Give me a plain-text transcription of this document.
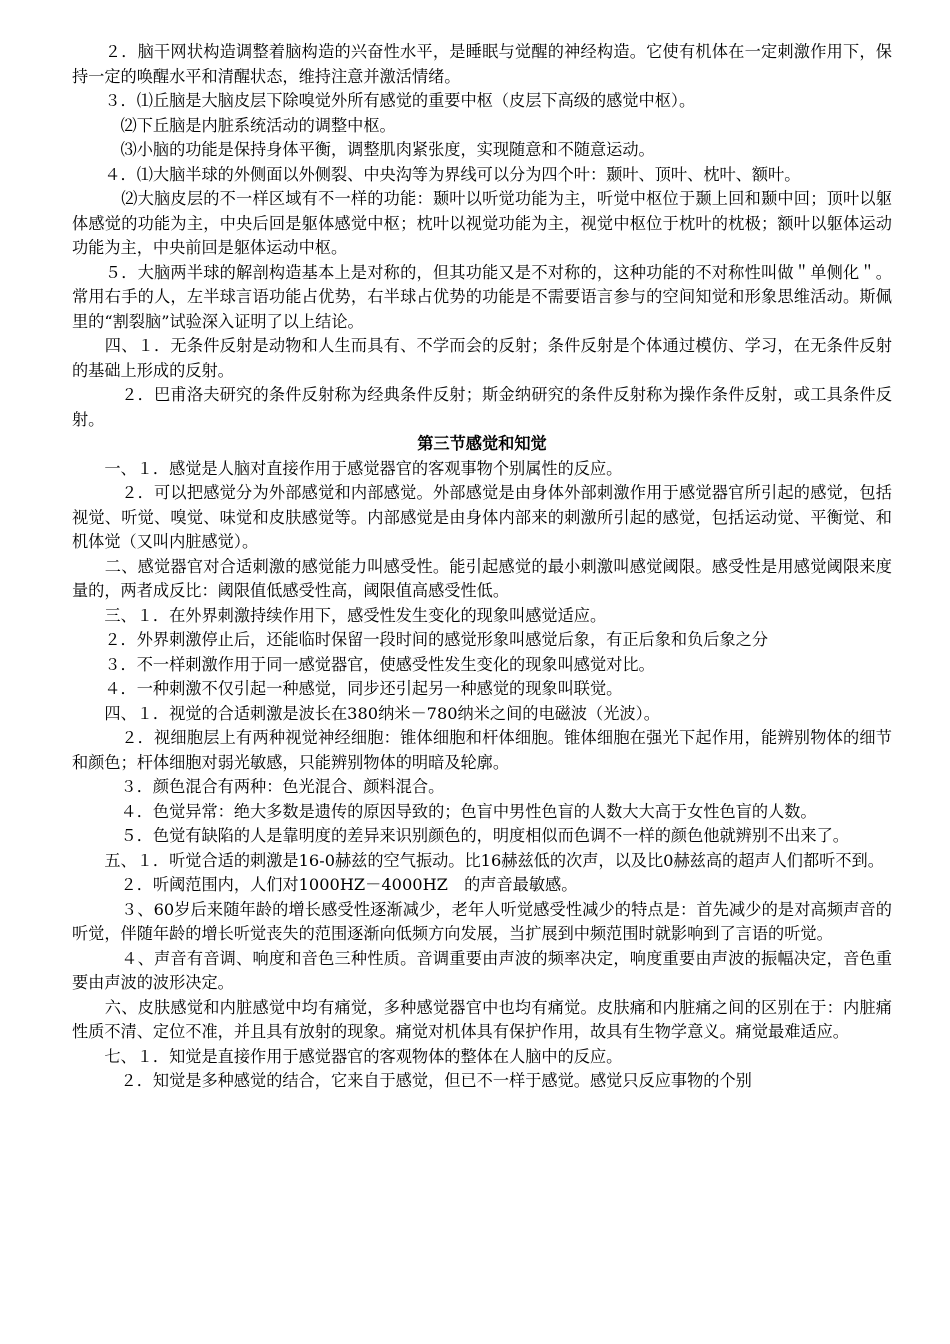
　　２．脑干网状构造调整着脑构造的兴奋性水平，是睡眠与觉醒的神经构造。它使有机体在一定刺激作用下，保持一定的唤醒水平和清醒状态，维持注意并激活情绪。

　　３．⑴丘脑是大脑皮层下除嗅觉外所有感觉的重要中枢（皮层下高级的感觉中枢）。

　　　⑵下丘脑是内脏系统活动的调整中枢。

　　　⑶小脑的功能是保持身体平衡，调整肌肉紧张度，实现随意和不随意运动。

　　４．⑴大脑半球的外侧面以外侧裂、中央沟等为界线可以分为四个叶：颞叶、顶叶、枕叶、额叶。

　　　⑵大脑皮层的不一样区域有不一样的功能：颞叶以听觉功能为主，听觉中枢位于颞上回和颞中回；顶叶以躯体感觉的功能为主，中央后回是躯体感觉中枢；枕叶以视觉功能为主，视觉中枢位于枕叶的枕极；额叶以躯体运动功能为主，中央前回是躯体运动中枢。

　　５．大脑两半球的解剖构造基本上是对称的，但其功能又是不对称的，这种功能的不对称性叫做＂单侧化＂。常用右手的人，左半球言语功能占优势，右半球占优势的功能是不需要语言参与的空间知觉和形象思维活动。斯佩里的“割裂脑”试验深入证明了以上结论。

　　四、１．无条件反射是动物和人生而具有、不学而会的反射；条件反射是个体通过模仿、学习，在无条件反射的基础上形成的反射。

　　　２．巴甫洛夫研究的条件反射称为经典条件反射；斯金纳研究的条件反射称为操作条件反射，或工具条件反射。

第三节感觉和知觉

　　一、１．感觉是人脑对直接作用于感觉器官的客观事物个别属性的反应。

　　　２．可以把感觉分为外部感觉和内部感觉。外部感觉是由身体外部刺激作用于感觉器官所引起的感觉，包括视觉、听觉、嗅觉、味觉和皮肤感觉等。内部感觉是由身体内部来的刺激所引起的感觉，包括运动觉、平衡觉、和机体觉（又叫内脏感觉）。

　　二、感觉器官对合适刺激的感觉能力叫感受性。能引起感觉的最小刺激叫感觉阈限。感受性是用感觉阈限来度量的，两者成反比：阈限值低感受性高，阈限值高感受性低。

　　三、１．在外界刺激持续作用下，感受性发生变化的现象叫感觉适应。

　　２．外界刺激停止后，还能临时保留一段时间的感觉形象叫感觉后象，有正后象和负后象之分

　　３．不一样刺激作用于同一感觉器官，使感受性发生变化的现象叫感觉对比。

　　４．一种刺激不仅引起一种感觉，同步还引起另一种感觉的现象叫联觉。

　　四、１．视觉的合适刺激是波长在380纳米－780纳米之间的电磁波（光波）。

　　　２．视细胞层上有两种视觉神经细胞：锥体细胞和杆体细胞。锥体细胞在强光下起作用，能辨别物体的细节和颜色；杆体细胞对弱光敏感，只能辨别物体的明暗及轮廓。

　　　３．颜色混合有两种：色光混合、颜料混合。

　　　４．色觉异常：绝大多数是遗传的原因导致的；色盲中男性色盲的人数大大高于女性色盲的人数。

　　　５．色觉有缺陷的人是靠明度的差异来识别颜色的，明度相似而色调不一样的颜色他就辨别不出来了。

　　五、１．听觉合适的刺激是16-0赫兹的空气振动。比16赫兹低的次声，以及比0赫兹高的超声人们都听不到。

　　　２．听阈范围内，人们对1000HZ－4000HZ　的声音最敏感。

　　　３、60岁后来随年龄的增长感受性逐渐减少，老年人听觉感受性减少的特点是：首先减少的是对高频声音的听觉，伴随年龄的增长听觉丧失的范围逐渐向低频方向发展，当扩展到中频范围时就影响到了言语的听觉。

　　　４、声音有音调、响度和音色三种性质。音调重要由声波的频率决定，响度重要由声波的振幅决定，音色重要由声波的波形决定。

　　六、皮肤感觉和内脏感觉中均有痛觉，多种感觉器官中也均有痛觉。皮肤痛和内脏痛之间的区别在于：内脏痛性质不清、定位不准，并且具有放射的现象。痛觉对机体具有保护作用，故具有生物学意义。痛觉最难适应。

　　七、１．知觉是直接作用于感觉器官的客观物体的整体在人脑中的反应。

　　　２．知觉是多种感觉的结合，它来自于感觉，但已不一样于感觉。感觉只反应事物的个别
